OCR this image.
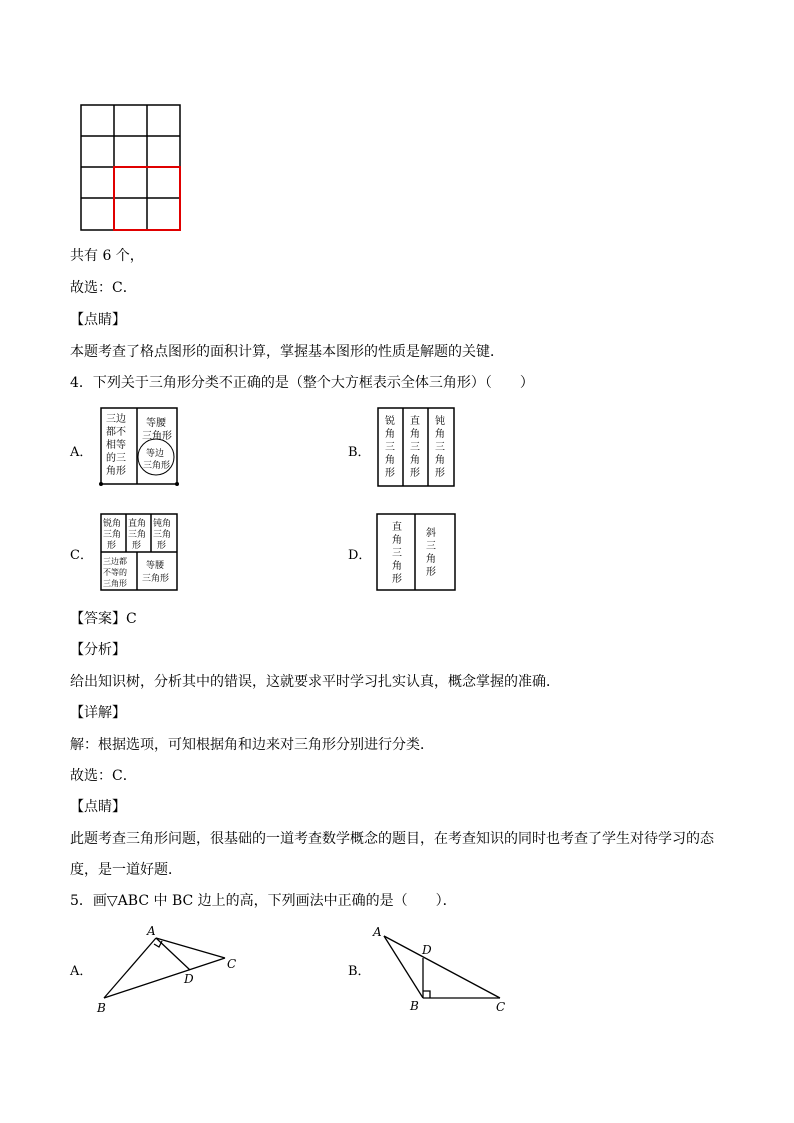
共有 6 个，
故选：C．
【点睛】
本题考查了格点图形的面积计算，掌握基本图形的性质是解题的关键．
4．下列关于三角形分类不正确的是（整个大方框表示全体三角形）（　　）
A．
三边
都不
相等
的三
角形
等腰
三角形
等边
三角形
B．
锐
角
三
角
形
直
角
三
角
形
钝
角
三
角
形
C．
锐角
三角
形
直角
三角
形
钝角
三角
形
三边都
不等的
三角形
等腰
三角形
D．
直
角
三
角
形
斜
三
角
形
【答案】C
【分析】
给出知识树，分析其中的错误，这就要求平时学习扎实认真，概念掌握的准确．
【详解】
解：根据选项，可知根据角和边来对三角形分别进行分类．
故选：C．
【点睛】
此题考查三角形问题，很基础的一道考查数学概念的题目，在考查知识的同时也考查了学生对待学习的态
度，是一道好题．
5．画▽ABC 中 BC 边上的高，下列画法中正确的是（　　）．
A．
A
B
C
D	B．
A
B	C
D
